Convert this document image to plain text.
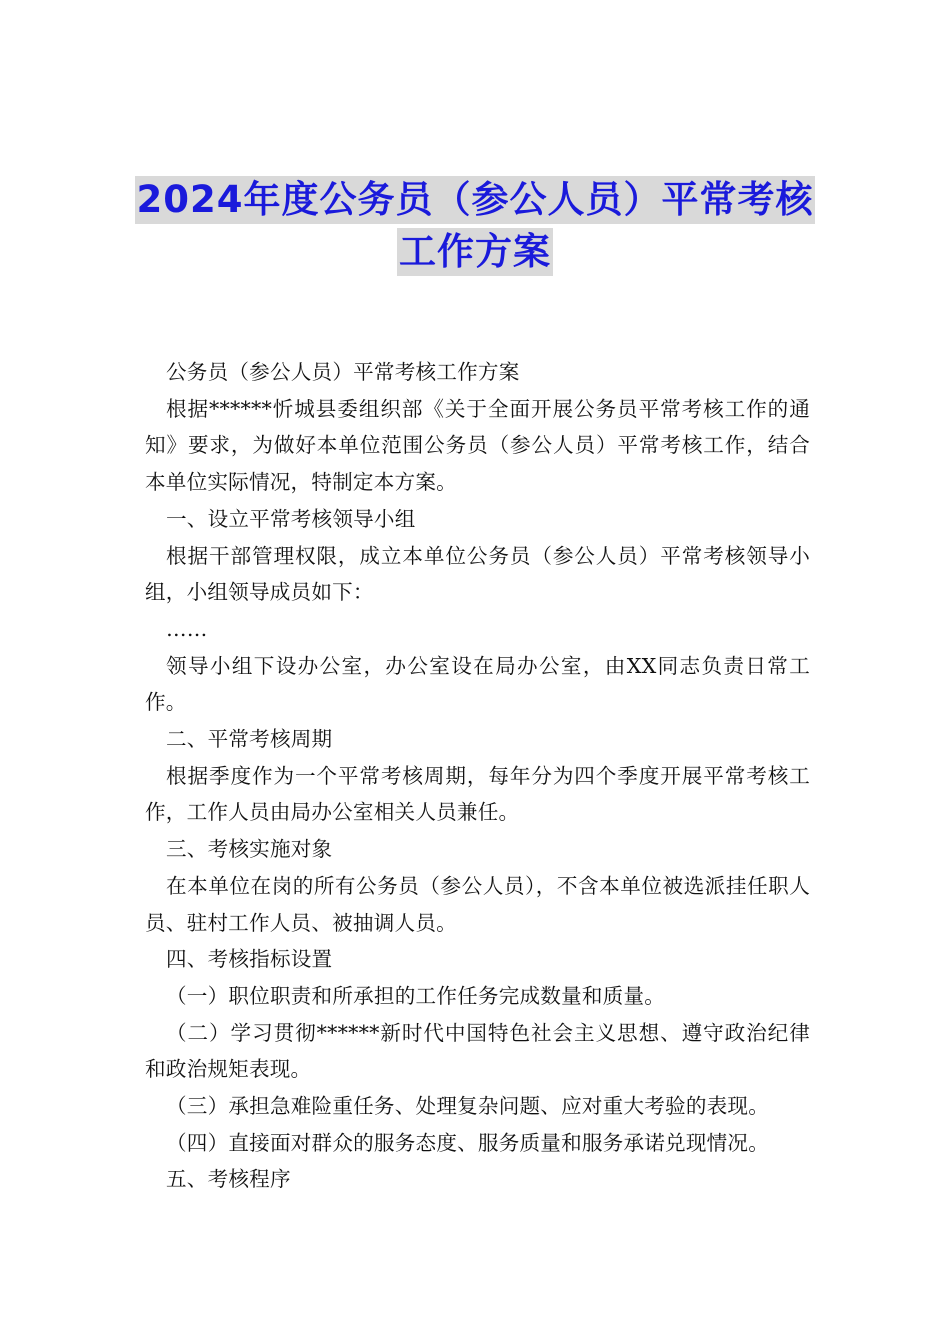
2024年度公务员（参公人员）平常考核
工作方案

公务员（参公人员）平常考核工作方案

根据******忻城县委组织部《关于全面开展公务员平常考核工作的通知》要求，为做好本单位范围公务员（参公人员）平常考核工作，结合本单位实际情况，特制定本方案。

一、设立平常考核领导小组

根据干部管理权限，成立本单位公务员（参公人员）平常考核领导小组，小组领导成员如下：

……

领导小组下设办公室，办公室设在局办公室，由XX同志负责日常工作。

二、平常考核周期

根据季度作为一个平常考核周期，每年分为四个季度开展平常考核工作，工作人员由局办公室相关人员兼任。

三、考核实施对象

在本单位在岗的所有公务员（参公人员），不含本单位被选派挂任职人员、驻村工作人员、被抽调人员。

四、考核指标设置

（一）职位职责和所承担的工作任务完成数量和质量。

（二）学习贯彻******新时代中国特色社会主义思想、遵守政治纪律和政治规矩表现。

（三）承担急难险重任务、处理复杂问题、应对重大考验的表现。

（四）直接面对群众的服务态度、服务质量和服务承诺兑现情况。

五、考核程序
